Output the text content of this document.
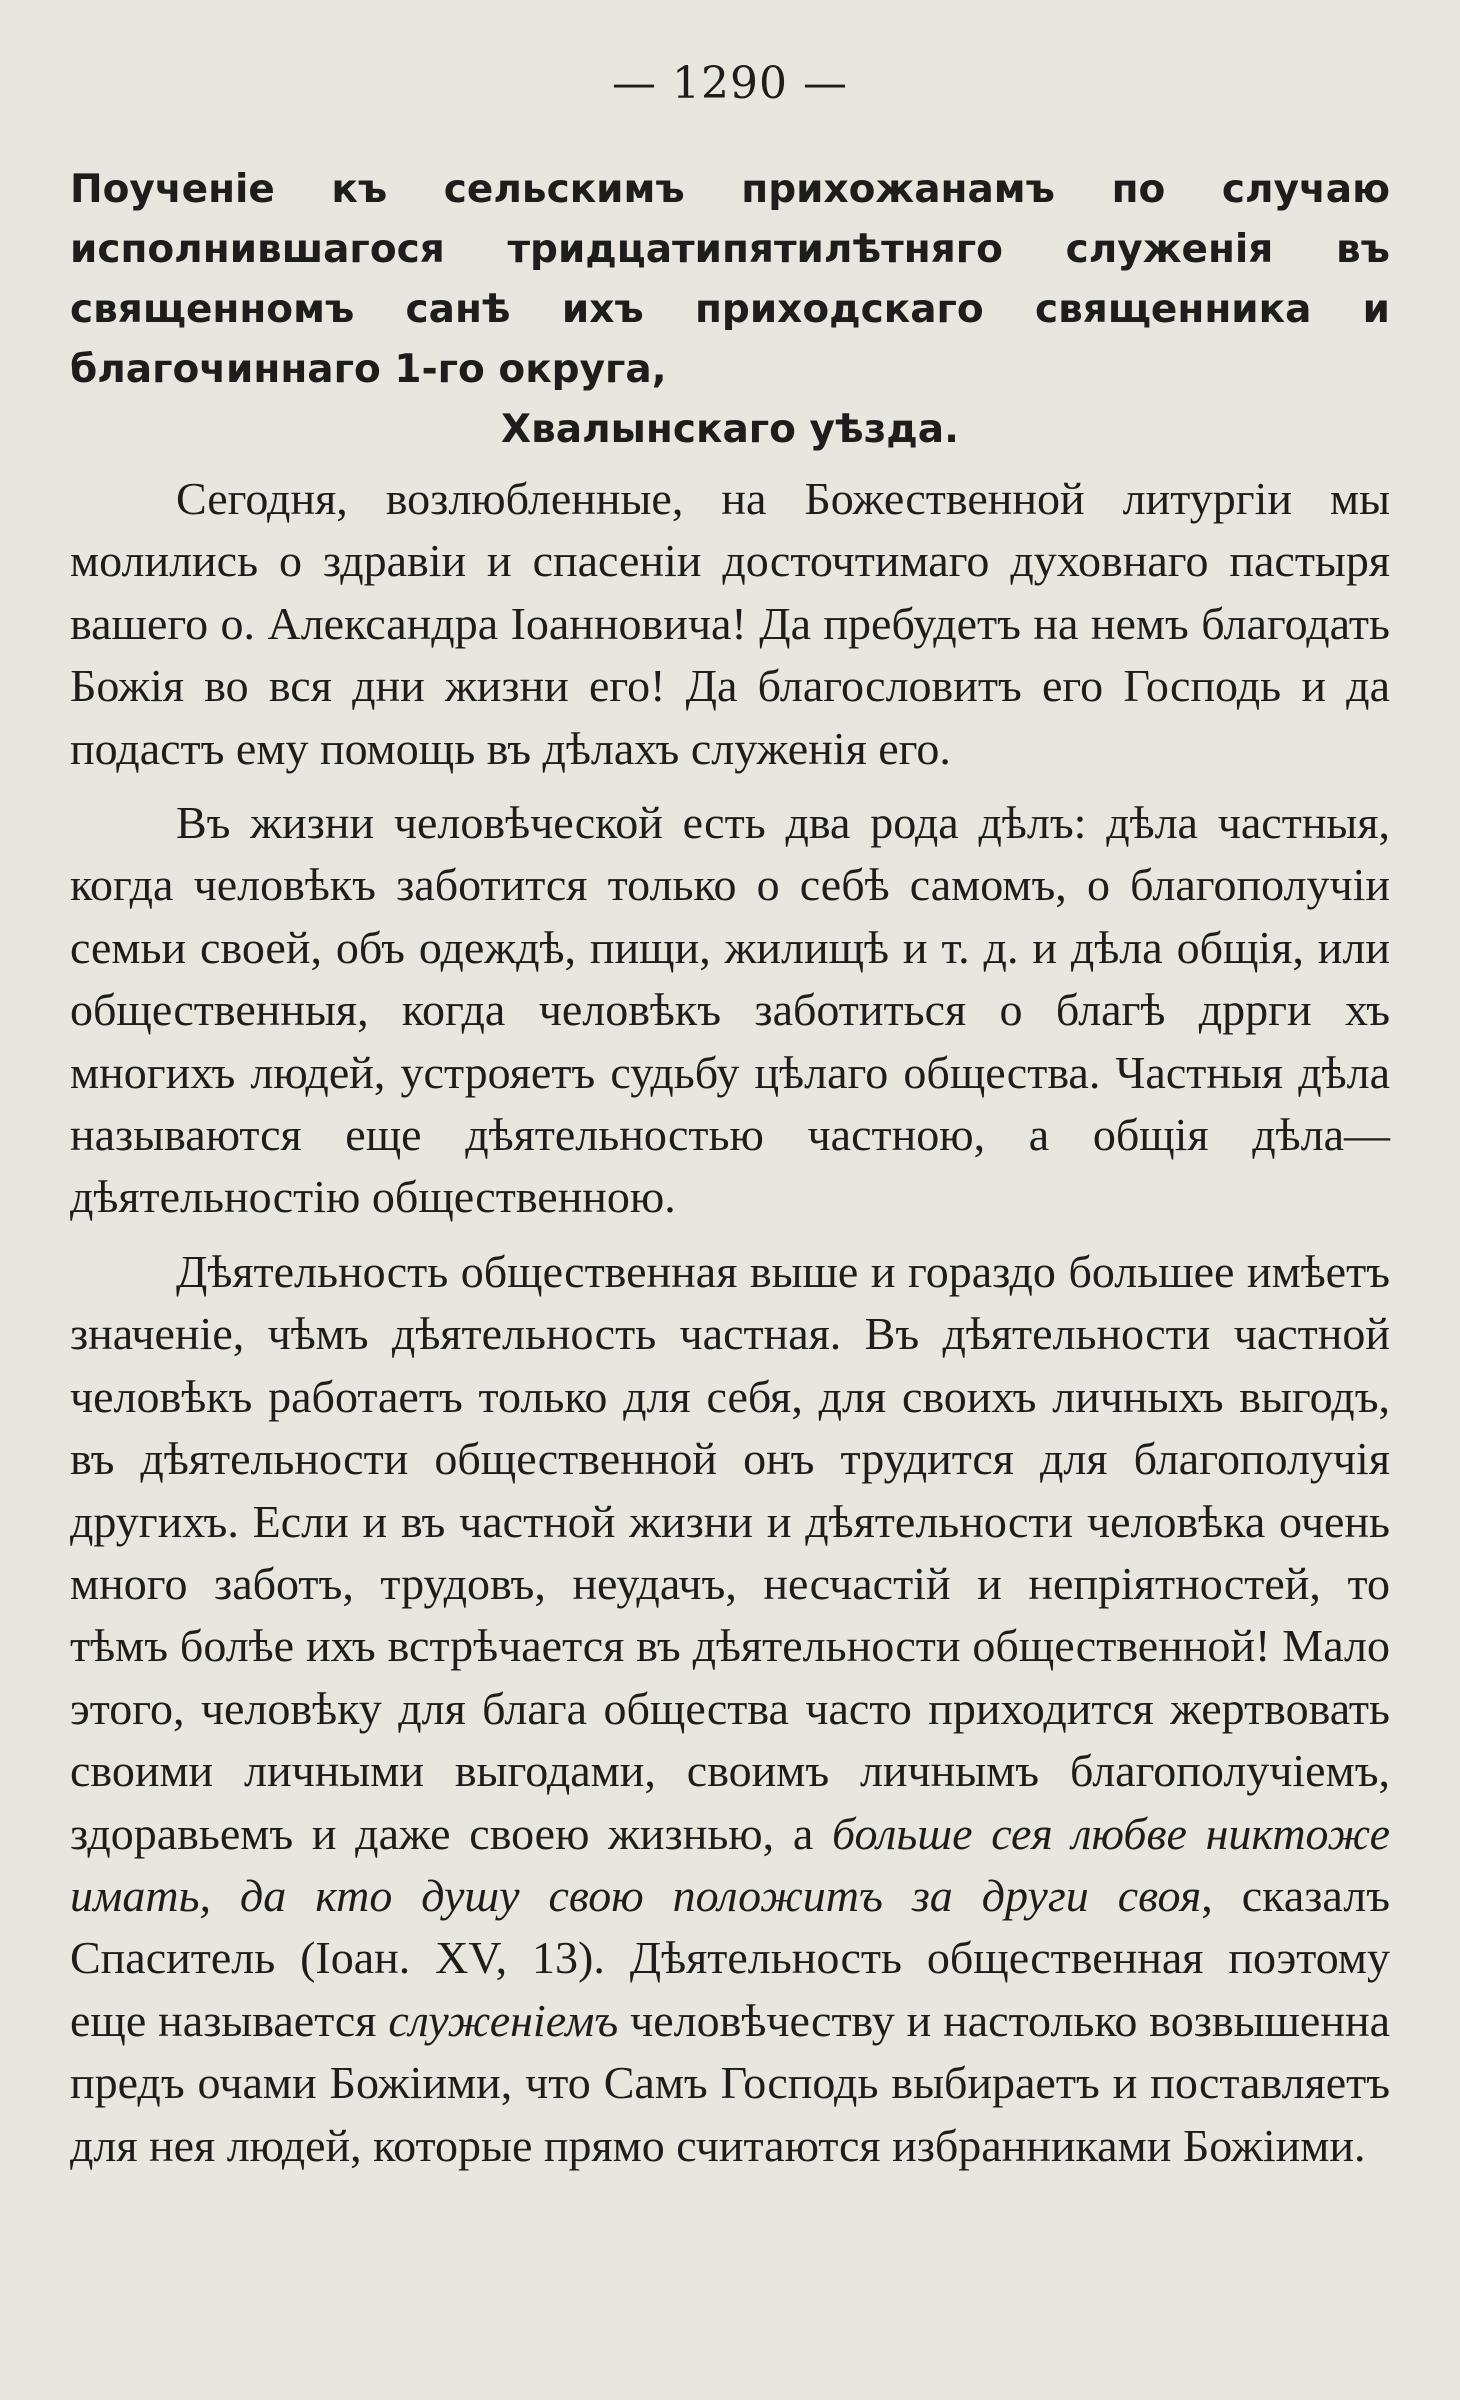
— 1290 —
Поученіе къ сельскимъ прихожанамъ по случаю исполнившагося тридцатипятилѣтняго служенія въ священномъ санѣ ихъ приходскаго священника и благочиннаго 1-го округа,
Хвалынскаго уѣзда.

Сегодня, возлюбленные, на Божественной литургіи мы молились о здравіи и спасеніи досточтимаго духовнаго пастыря вашего о. Александра Іоанновича! Да пребудетъ на немъ благодать Божія во вся дни жизни его! Да благословитъ его Господь и да подастъ ему помощь въ дѣлахъ служенія его.

Въ жизни человѣческой есть два рода дѣлъ: дѣла частныя, когда человѣкъ заботится только о себѣ самомъ, о благополучіи семьи своей, объ одеждѣ, пищи, жилищѣ и т. д. и дѣла общія, или общественныя, когда человѣкъ заботиться о благѣ дррги хъ многихъ людей, устрояетъ судьбу цѣлаго общества. Частныя дѣла называются еще дѣятельностью частною, а общія дѣла—дѣятельностію общественною.

Дѣятельность общественная выше и гораздо большее имѣетъ значеніе, чѣмъ дѣятельность частная. Въ дѣятельности частной человѣкъ работаетъ только для себя, для своихъ личныхъ выгодъ, въ дѣятельности общественной онъ трудится для благополучія другихъ. Если и въ частной жизни и дѣятельности человѣка очень много заботъ, трудовъ, неудачъ, несчастій и непріятностей, то тѣмъ болѣе ихъ встрѣчается въ дѣятельности общественной! Мало этого, человѣку для блага общества часто приходится жертвовать своими личными выгодами, своимъ личнымъ благополучіемъ, здоравьемъ и даже своею жизнью, а больше сея любве никтоже имать, да кто душу свою положитъ за други своя, сказалъ Спаситель (Іоан. XV, 13). Дѣятельность общественная поэтому еще называется служеніемъ человѣчеству и настолько возвышенна предъ очами Божіими, что Самъ Господь выбираетъ и поставляетъ для нея людей, которые прямо считаются избранниками Божіими.
